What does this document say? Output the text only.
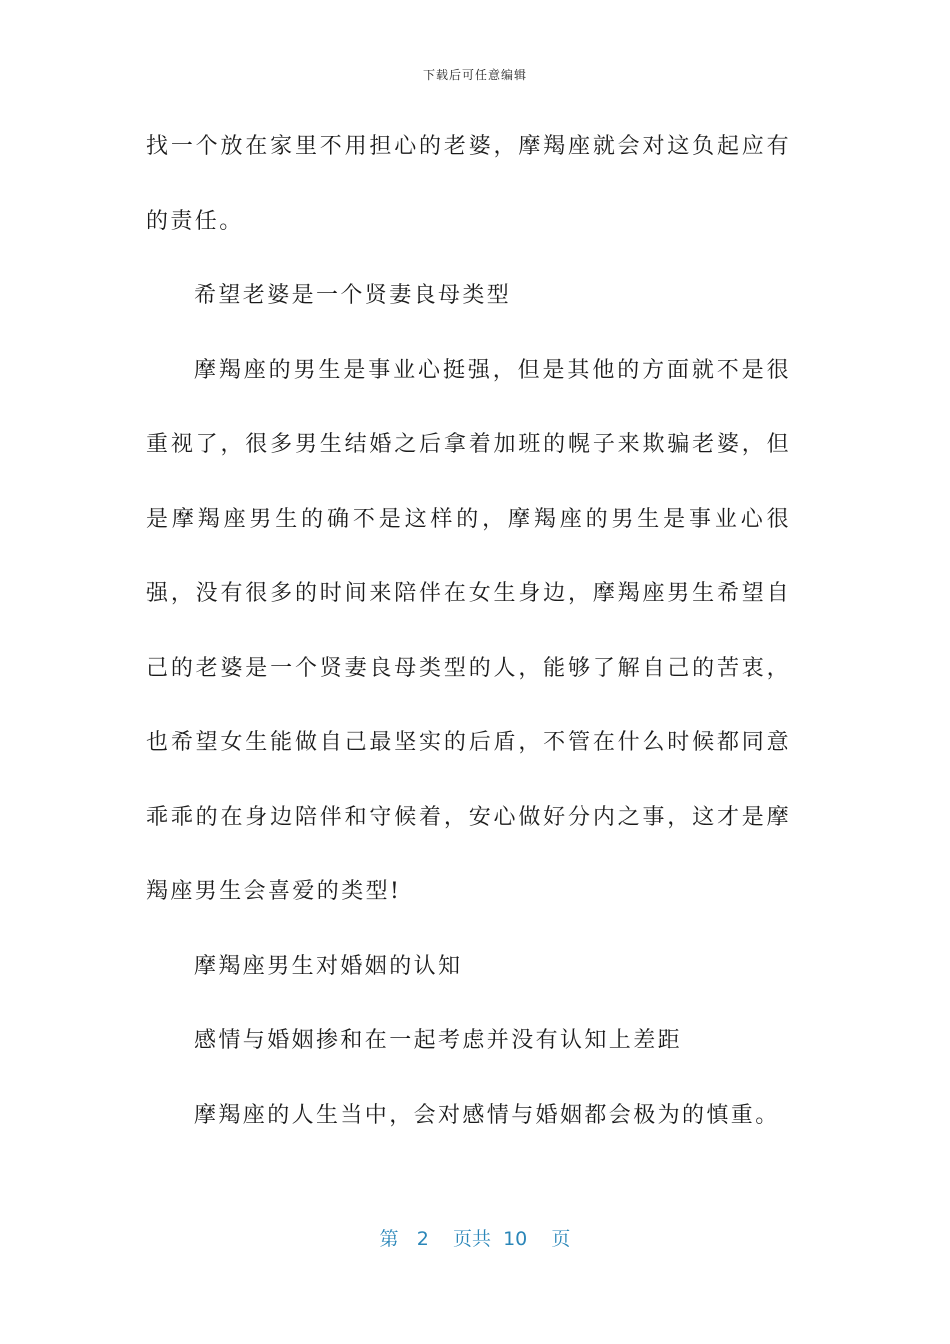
下载后可任意编辑

找一个放在家里不用担心的老婆，摩羯座就会对这负起应有的责任。

希望老婆是一个贤妻良母类型

摩羯座的男生是事业心挺强，但是其他的方面就不是很重视了，很多男生结婚之后拿着加班的幌子来欺骗老婆，但是摩羯座男生的确不是这样的，摩羯座的男生是事业心很强，没有很多的时间来陪伴在女生身边，摩羯座男生希望自己的老婆是一个贤妻良母类型的人，能够了解自己的苦衷，也希望女生能做自己最坚实的后盾，不管在什么时候都同意乖乖的在身边陪伴和守候着，安心做好分内之事，这才是摩羯座男生会喜爱的类型!

摩羯座男生对婚姻的认知

感情与婚姻掺和在一起考虑并没有认知上差距

摩羯座的人生当中，会对感情与婚姻都会极为的慎重。

第 2 页共 10 页
